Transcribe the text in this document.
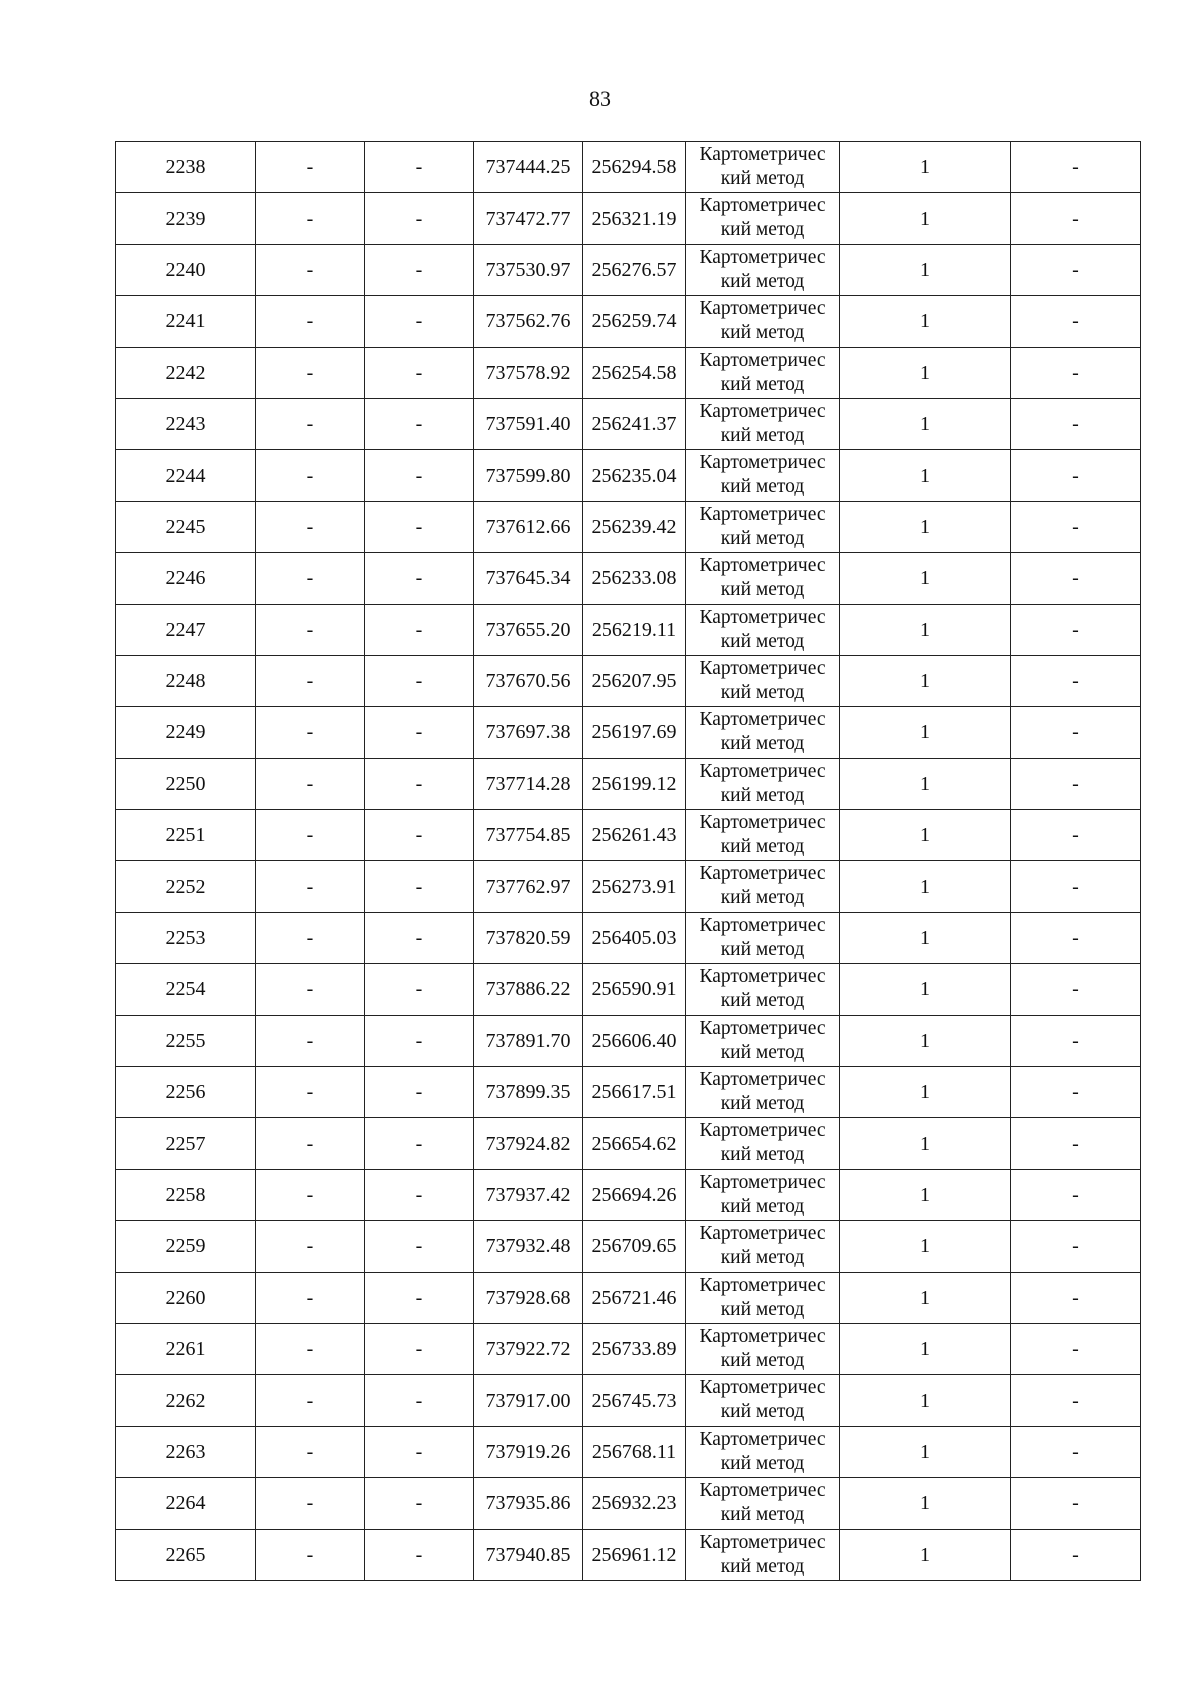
83
2238	-	-	737444.25	256294.58	Картометричес
кий метод	1	-
2239	-	-	737472.77	256321.19	Картометричес
кий метод	1	-
2240	-	-	737530.97	256276.57	Картометричес
кий метод	1	-
2241	-	-	737562.76	256259.74	Картометричес
кий метод	1	-
2242	-	-	737578.92	256254.58	Картометричес
кий метод	1	-
2243	-	-	737591.40	256241.37	Картометричес
кий метод	1	-
2244	-	-	737599.80	256235.04	Картометричес
кий метод	1	-
2245	-	-	737612.66	256239.42	Картометричес
кий метод	1	-
2246	-	-	737645.34	256233.08	Картометричес
кий метод	1	-
2247	-	-	737655.20	256219.11	Картометричес
кий метод	1	-
2248	-	-	737670.56	256207.95	Картометричес
кий метод	1	-
2249	-	-	737697.38	256197.69	Картометричес
кий метод	1	-
2250	-	-	737714.28	256199.12	Картометричес
кий метод	1	-
2251	-	-	737754.85	256261.43	Картометричес
кий метод	1	-
2252	-	-	737762.97	256273.91	Картометричес
кий метод	1	-
2253	-	-	737820.59	256405.03	Картометричес
кий метод	1	-
2254	-	-	737886.22	256590.91	Картометричес
кий метод	1	-
2255	-	-	737891.70	256606.40	Картометричес
кий метод	1	-
2256	-	-	737899.35	256617.51	Картометричес
кий метод	1	-
2257	-	-	737924.82	256654.62	Картометричес
кий метод	1	-
2258	-	-	737937.42	256694.26	Картометричес
кий метод	1	-
2259	-	-	737932.48	256709.65	Картометричес
кий метод	1	-
2260	-	-	737928.68	256721.46	Картометричес
кий метод	1	-
2261	-	-	737922.72	256733.89	Картометричес
кий метод	1	-
2262	-	-	737917.00	256745.73	Картометричес
кий метод	1	-
2263	-	-	737919.26	256768.11	Картометричес
кий метод	1	-
2264	-	-	737935.86	256932.23	Картометричес
кий метод	1	-
2265	-	-	737940.85	256961.12	Картометричес
кий метод	1	-
